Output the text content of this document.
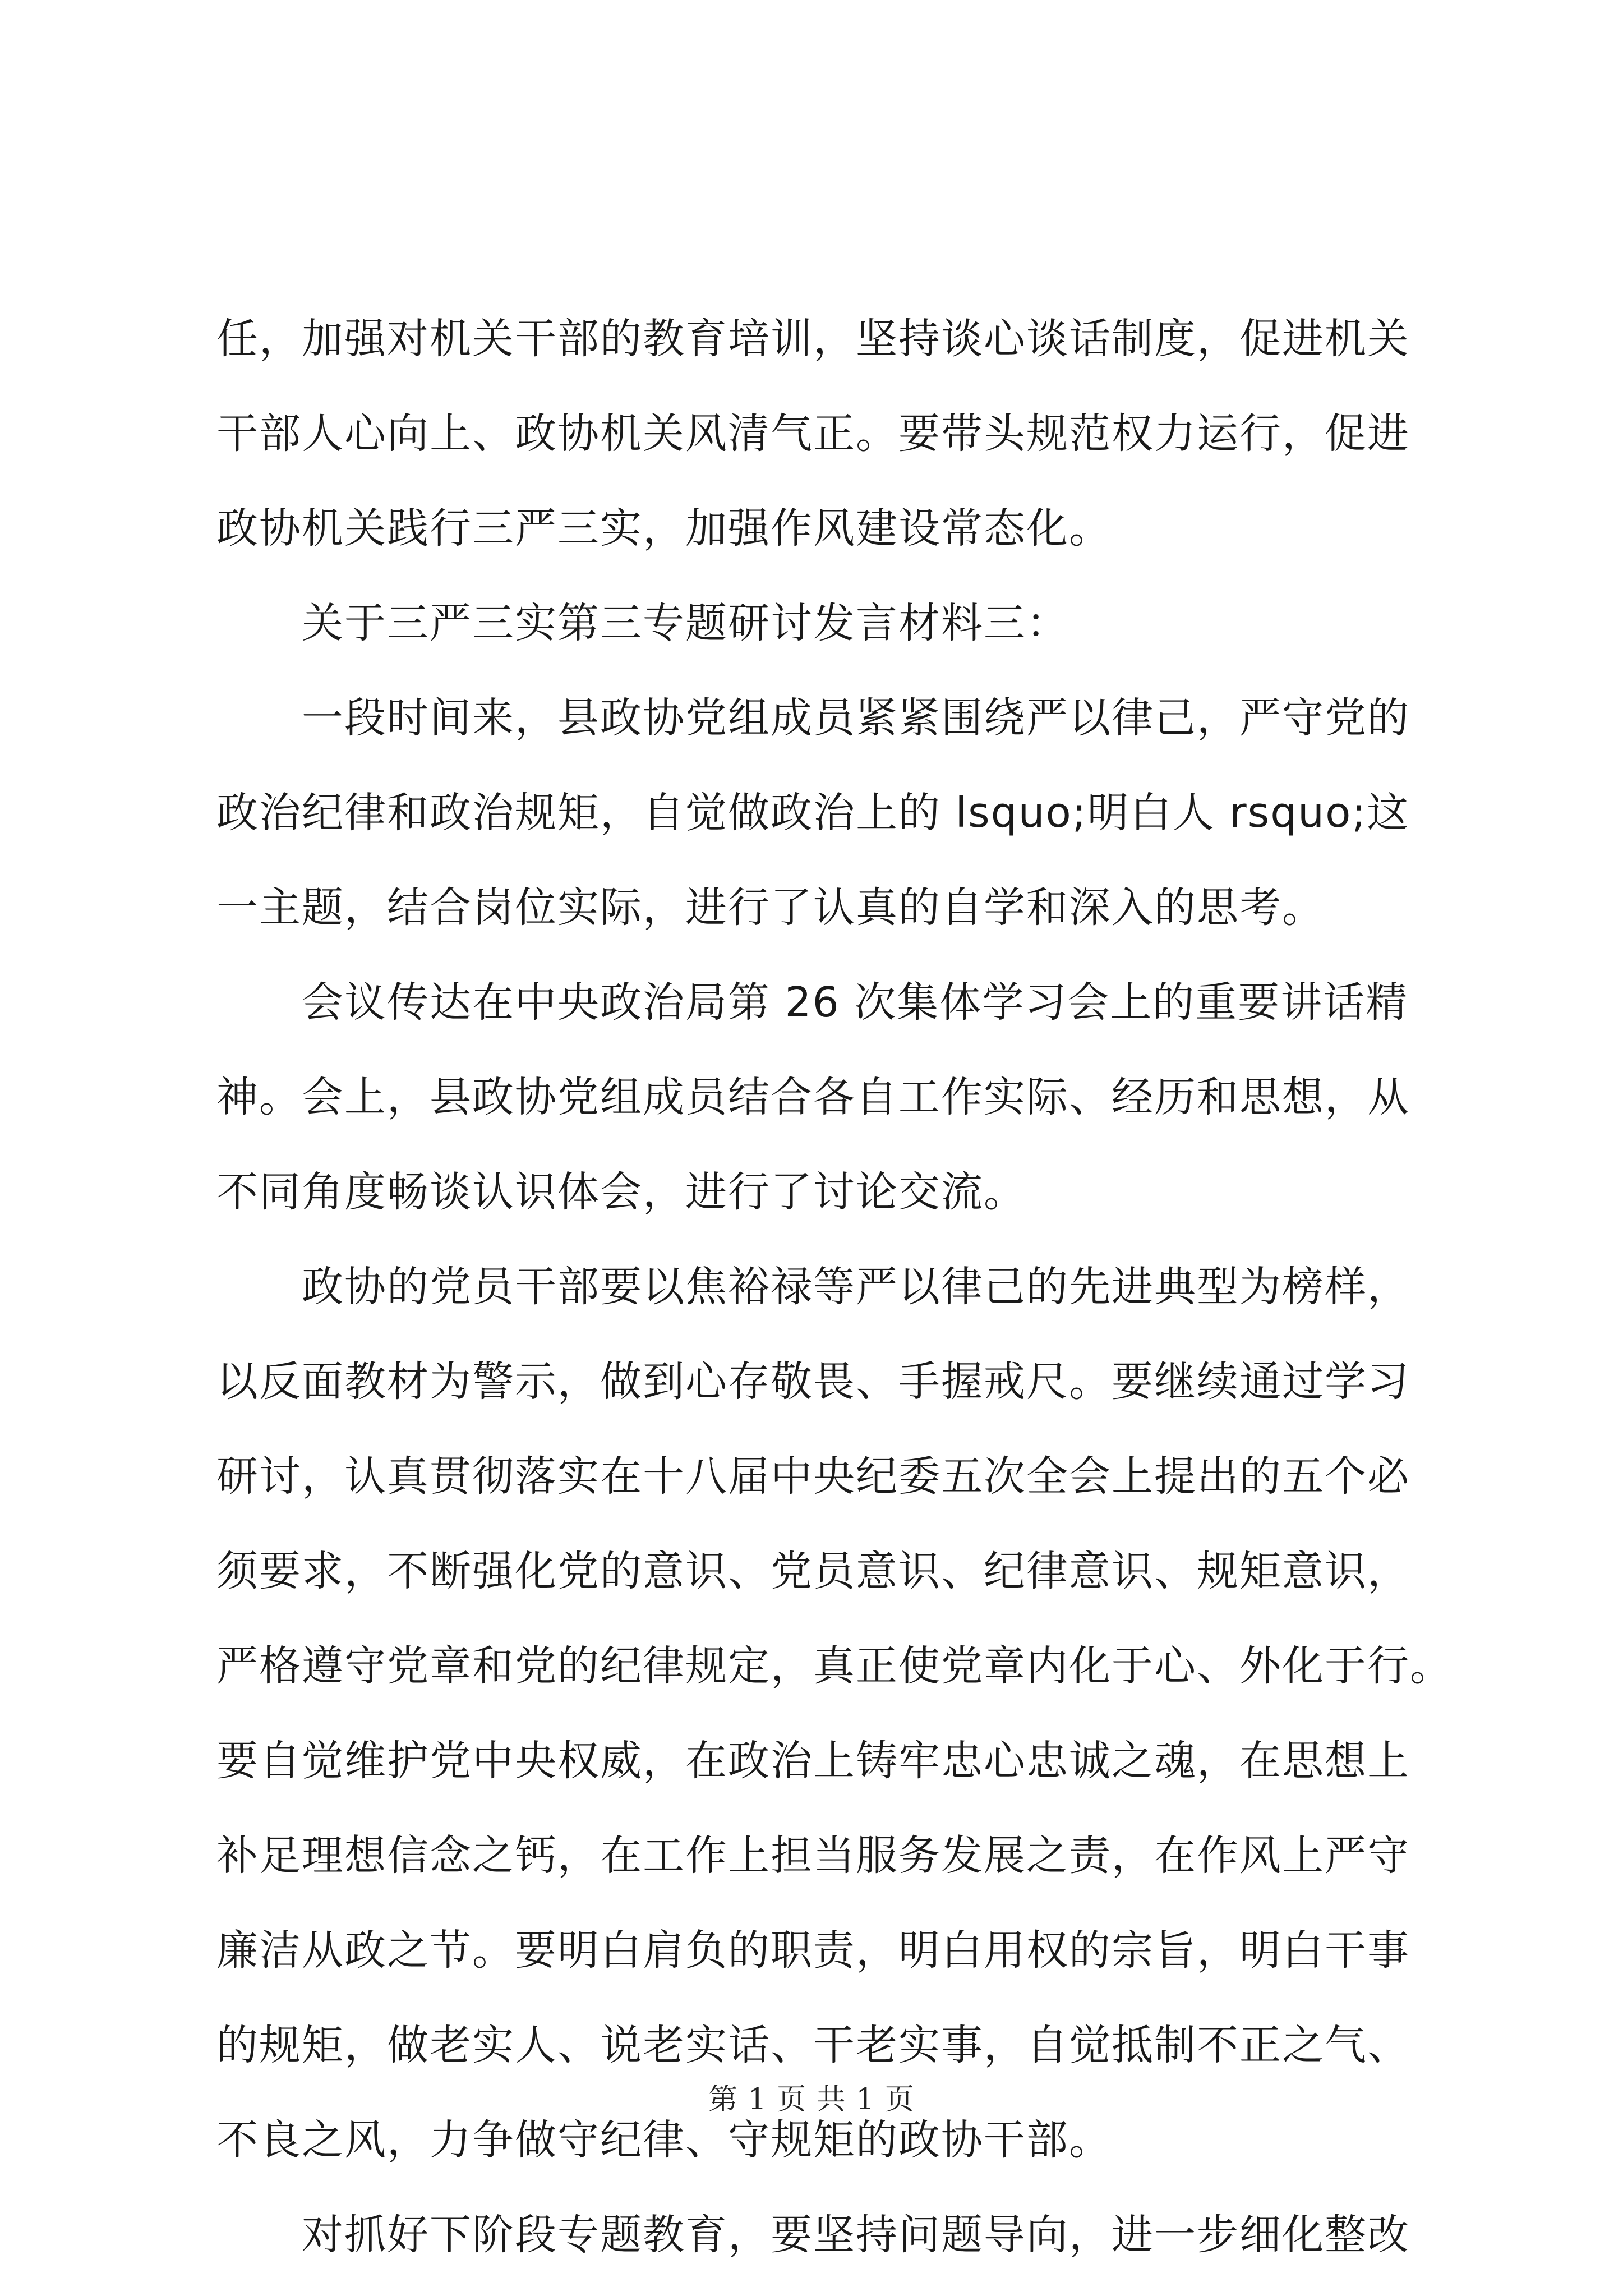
任，加强对机关干部的教育培训，坚持谈心谈话制度，促进机关
干部人心向上、政协机关风清气正。要带头规范权力运行，促进
政协机关践行三严三实，加强作风建设常态化。
关于三严三实第三专题研讨发言材料三：
一段时间来，县政协党组成员紧紧围绕严以律己，严守党的
政治纪律和政治规矩，自觉做政治上的 lsquo;明白人 rsquo;这
一主题，结合岗位实际，进行了认真的自学和深入的思考。
会议传达在中央政治局第 26 次集体学习会上的重要讲话精
神。会上，县政协党组成员结合各自工作实际、经历和思想，从
不同角度畅谈认识体会，进行了讨论交流。
政协的党员干部要以焦裕禄等严以律己的先进典型为榜样，
以反面教材为警示，做到心存敬畏、手握戒尺。要继续通过学习
研讨，认真贯彻落实在十八届中央纪委五次全会上提出的五个必
须要求，不断强化党的意识、党员意识、纪律意识、规矩意识，
严格遵守党章和党的纪律规定，真正使党章内化于心、外化于行。
要自觉维护党中央权威，在政治上铸牢忠心忠诚之魂，在思想上
补足理想信念之钙，在工作上担当服务发展之责，在作风上严守
廉洁从政之节。要明白肩负的职责，明白用权的宗旨，明白干事
的规矩，做老实人、说老实话、干老实事，自觉抵制不正之气、
不良之风，力争做守纪律、守规矩的政协干部。
对抓好下阶段专题教育，要坚持问题导向，进一步细化整改
第 1 页 共 1 页
